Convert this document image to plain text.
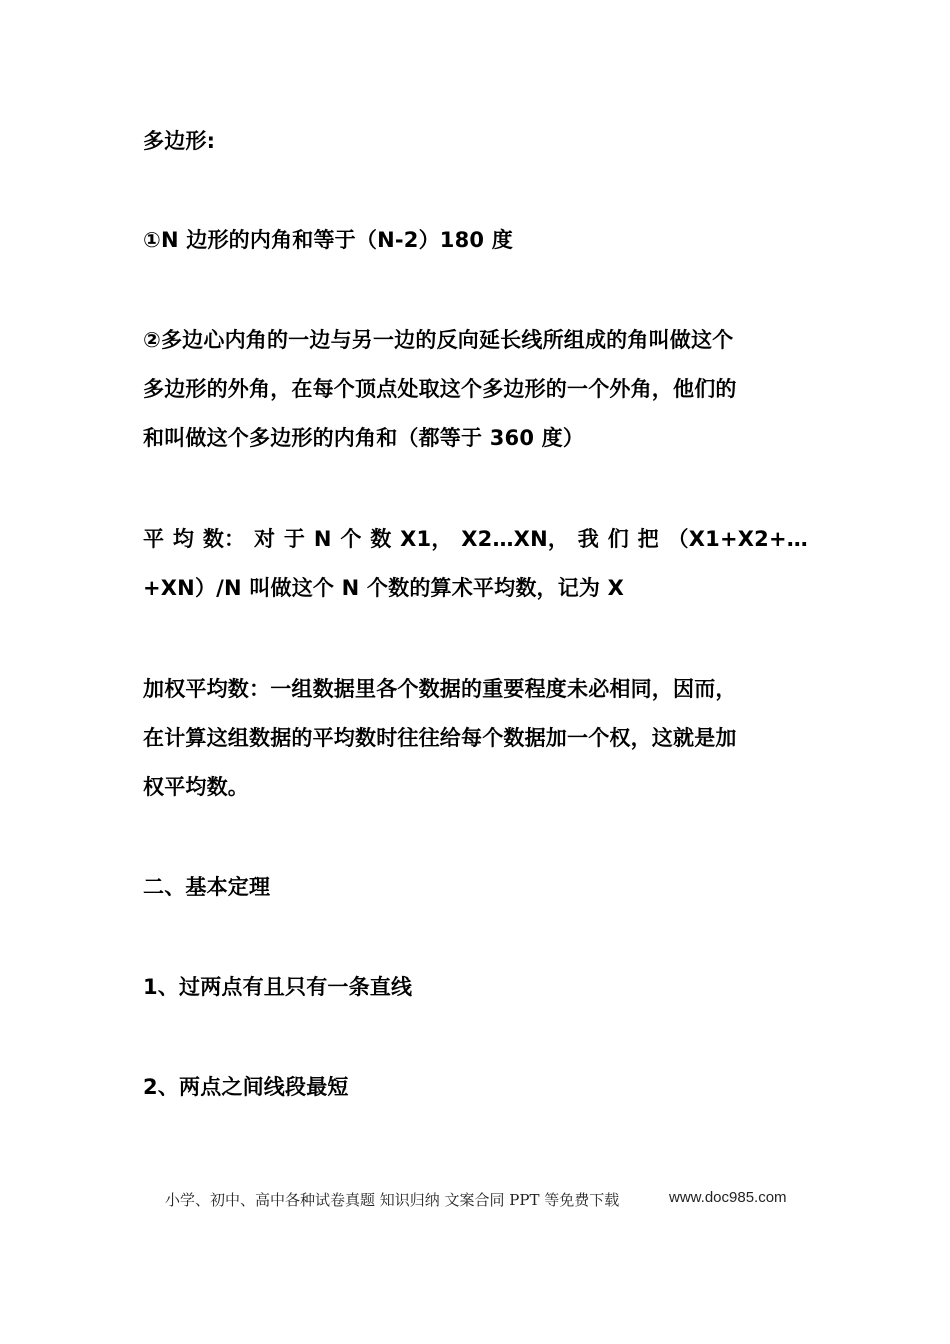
多边形:

①N 边形的内角和等于（N-2）180 度

②多边心内角的一边与另一边的反向延长线所组成的角叫做这个
多边形的外角，在每个顶点处取这个多边形的一个外角，他们的
和叫做这个多边形的内角和（都等于 360 度）

平 均 数： 对 于 N 个 数 X1， X2…XN， 我 们 把 （X1+X2+…
+XN）/N 叫做这个 N 个数的算术平均数，记为 X

加权平均数：一组数据里各个数据的重要程度未必相同，因而，
在计算这组数据的平均数时往往给每个数据加一个权，这就是加
权平均数。

二、基本定理

1、过两点有且只有一条直线

2、两点之间线段最短

小学、初中、高中各种试卷真题 知识归纳 文案合同 PPT 等免费下载	www.doc985.com
